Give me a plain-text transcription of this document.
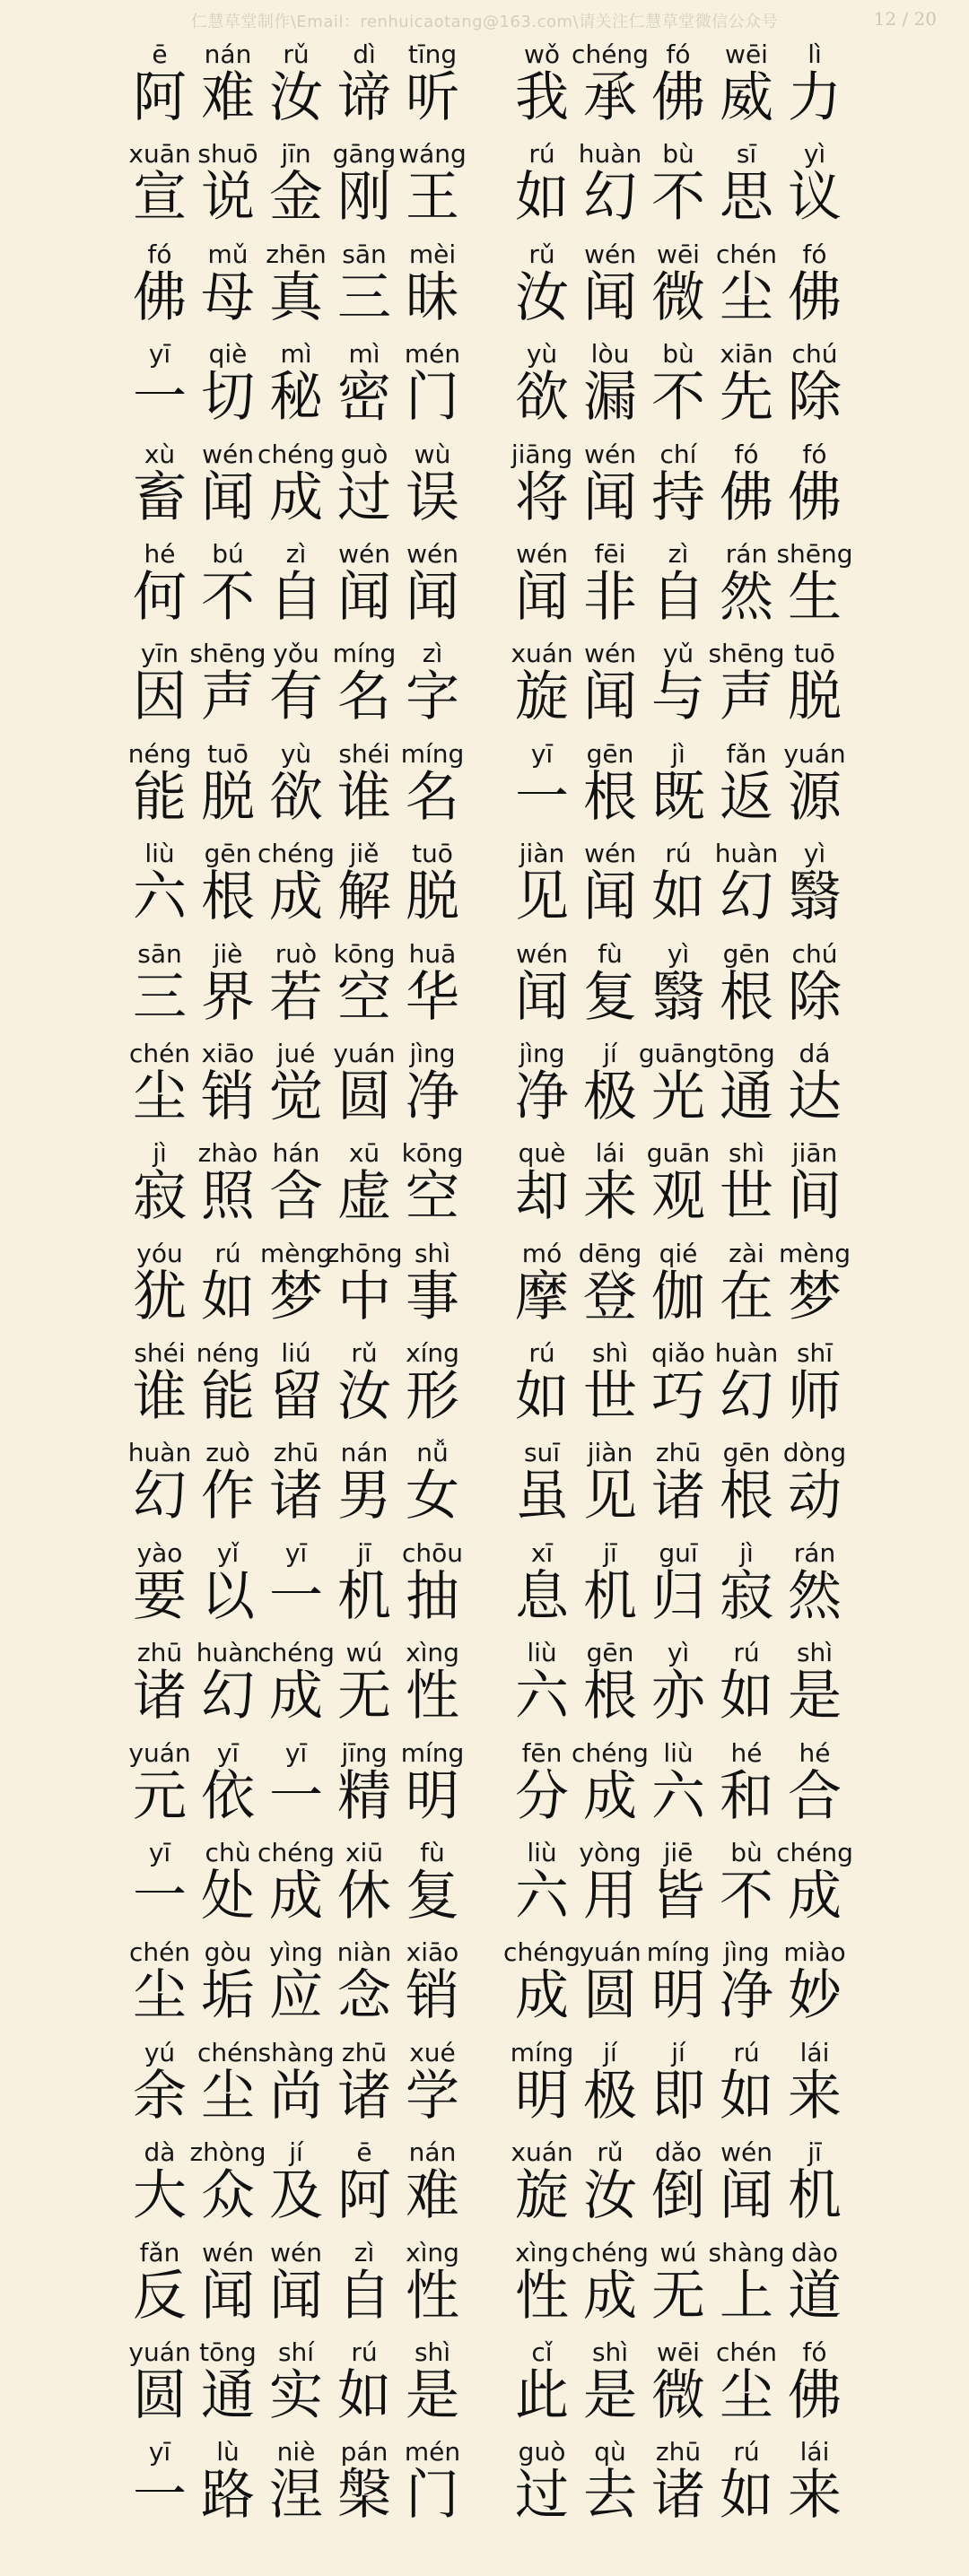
仁慧草堂制作\Email：renhuicaotang@163.com\请关注仁慧草堂微信公众号	12 / 20
ē
阿
nán
难
rǔ
汝
dì
谛
tīng
听
wǒ
我
chéng
承
fó
佛
wēi
威
lì
力
xuān
宣
shuō
说
jīn
金
gāng
刚
wáng
王
rú
如
huàn
幻
bù
不
sī
思
yì
议
fó
佛
mǔ
母
zhēn
真
sān
三
mèi
昧
rǔ
汝
wén
闻
wēi
微
chén
尘
fó
佛
yī
一
qiè
切
mì
秘
mì
密
mén
门
yù
欲
lòu
漏
bù
不
xiān
先
chú
除
xù
畜
wén
闻
chéng
成
guò
过
wù
误
jiāng
将
wén
闻
chí
持
fó
佛
fó
佛
hé
何
bú
不
zì
自
wén
闻
wén
闻
wén
闻
fēi
非
zì
自
rán
然
shēng
生
yīn
因
shēng
声
yǒu
有
míng
名
zì
字
xuán
旋
wén
闻
yǔ
与
shēng
声
tuō
脱
néng
能
tuō
脱
yù
欲
shéi
谁
míng
名
yī
一
gēn
根
jì
既
fǎn
返
yuán
源
liù
六
gēn
根
chéng
成
jiě
解
tuō
脱
jiàn
见
wén
闻
rú
如
huàn
幻
yì
翳
sān
三
jiè
界
ruò
若
kōng
空
huā
华
wén
闻
fù
复
yì
翳
gēn
根
chú
除
chén
尘
xiāo
销
jué
觉
yuán
圆
jìng
净
jìng
净
jí
极
guāng
光
tōng
通
dá
达
jì
寂
zhào
照
hán
含
xū
虚
kōng
空
què
却
lái
来
guān
观
shì
世
jiān
间
yóu
犹
rú
如
mèng
梦
zhōng
中
shì
事
mó
摩
dēng
登
qié
伽
zài
在
mèng
梦
shéi
谁
néng
能
liú
留
rǔ
汝
xíng
形
rú
如
shì
世
qiǎo
巧
huàn
幻
shī
师
huàn
幻
zuò
作
zhū
诸
nán
男
nǚ
女
suī
虽
jiàn
见
zhū
诸
gēn
根
dòng
动
yào
要
yǐ
以
yī
一
jī
机
chōu
抽
xī
息
jī
机
guī
归
jì
寂
rán
然
zhū
诸
huàn
幻
chéng
成
wú
无
xìng
性
liù
六
gēn
根
yì
亦
rú
如
shì
是
yuán
元
yī
依
yī
一
jīng
精
míng
明
fēn
分
chéng
成
liù
六
hé
和
hé
合
yī
一
chù
处
chéng
成
xiū
休
fù
复
liù
六
yòng
用
jiē
皆
bù
不
chéng
成
chén
尘
gòu
垢
yìng
应
niàn
念
xiāo
销
chéng
成
yuán
圆
míng
明
jìng
净
miào
妙
yú
余
chén
尘
shàng
尚
zhū
诸
xué
学
míng
明
jí
极
jí
即
rú
如
lái
来
dà
大
zhòng
众
jí
及
ē
阿
nán
难
xuán
旋
rǔ
汝
dǎo
倒
wén
闻
jī
机
fǎn
反
wén
闻
wén
闻
zì
自
xìng
性
xìng
性
chéng
成
wú
无
shàng
上
dào
道
yuán
圆
tōng
通
shí
实
rú
如
shì
是
cǐ
此
shì
是
wēi
微
chén
尘
fó
佛
yī
一
lù
路
niè
涅
pán
槃
mén
门
guò
过
qù
去
zhū
诸
rú
如
lái
来
